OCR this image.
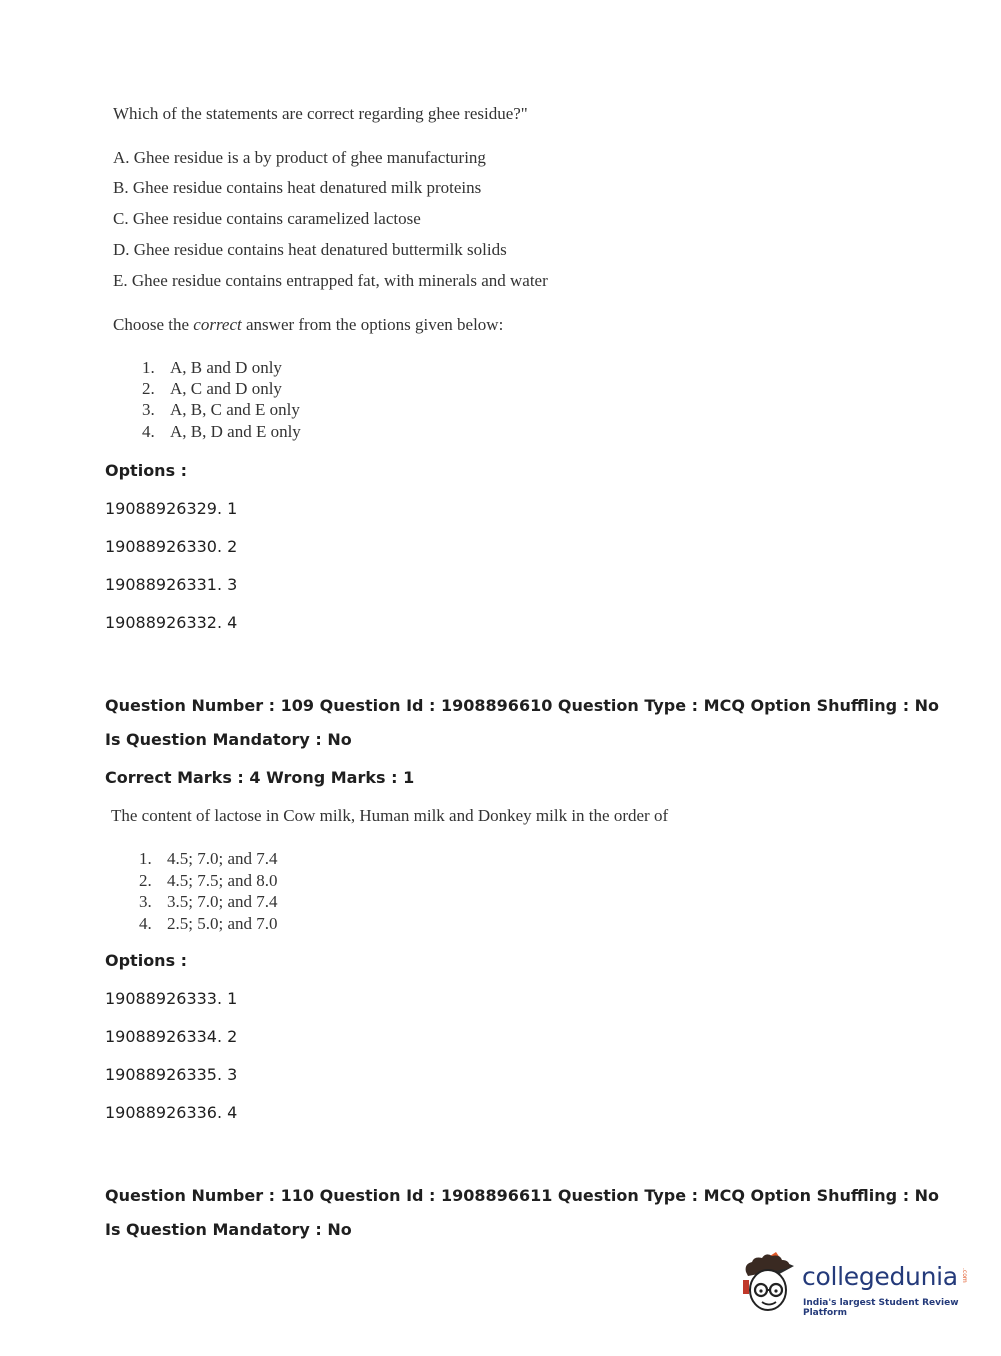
Which of the statements are correct regarding ghee residue?"
A. Ghee residue is a by product of ghee manufacturing
B. Ghee residue contains heat denatured milk proteins
C. Ghee residue contains caramelized lactose
D. Ghee residue contains heat denatured buttermilk solids
E. Ghee residue contains entrapped fat, with minerals and water
Choose the correct answer from the options given below:
1. A, B and D only
2. A, C and D only
3. A, B, C and E only
4. A, B, D and E only
Options :
19088926329. 1
19088926330. 2
19088926331. 3
19088926332. 4
Question Number : 109 Question Id : 1908896610 Question Type : MCQ Option Shuffling : No
Is Question Mandatory : No
Correct Marks : 4 Wrong Marks : 1
The content of lactose in Cow milk, Human milk and Donkey milk in the order of
1. 4.5; 7.0; and 7.4
2. 4.5; 7.5; and 8.0
3. 3.5; 7.0; and 7.4
4. 2.5; 5.0; and 7.0
Options :
19088926333. 1
19088926334. 2
19088926335. 3
19088926336. 4
Question Number : 110 Question Id : 1908896611 Question Type : MCQ Option Shuffling : No
Is Question Mandatory : No
collegedunia .com
India's largest Student Review Platform
